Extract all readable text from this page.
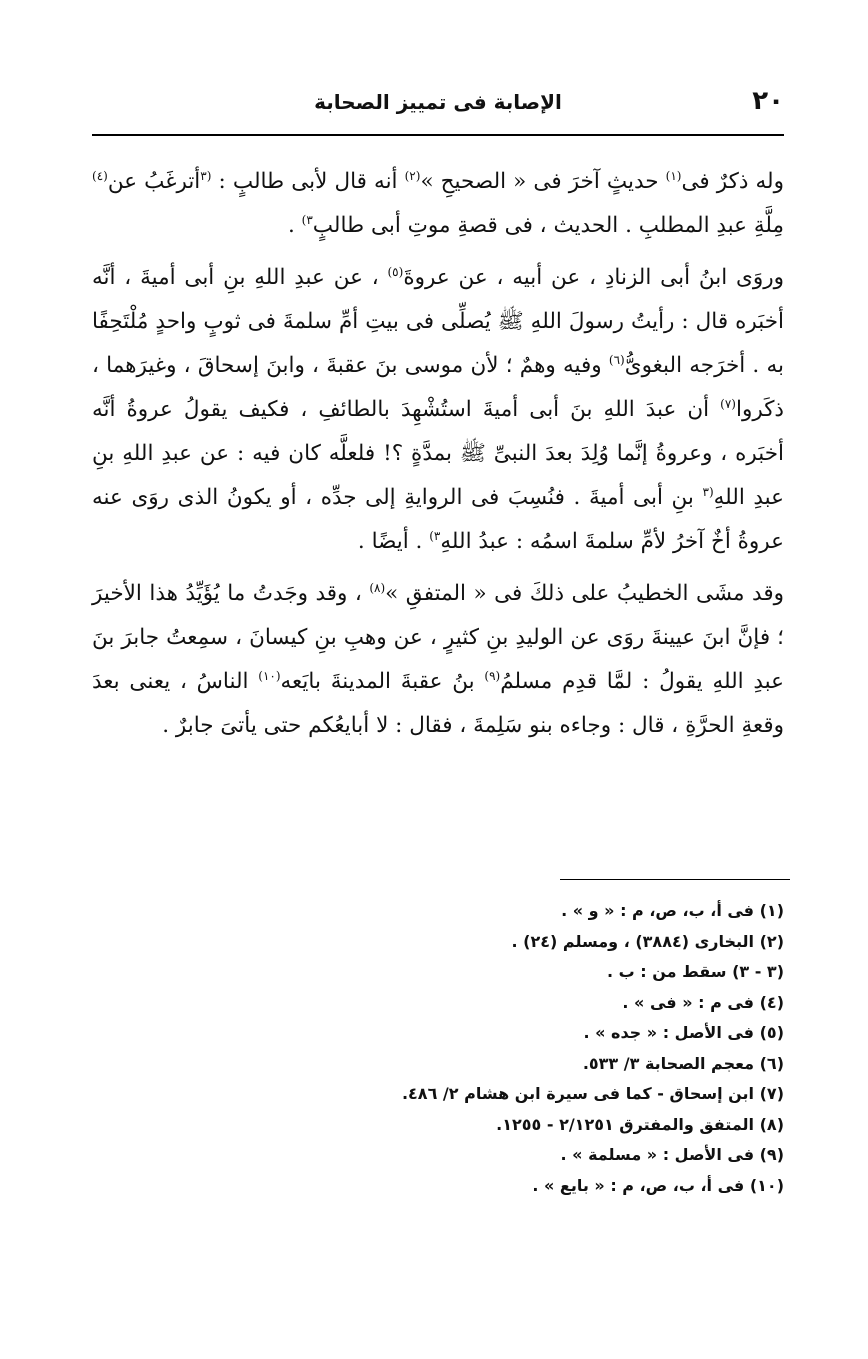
٢٠
الإصابة فى تمييز الصحابة

وله ذكرٌ فى$^{(١)}$ حديثٍ آخرَ فى « الصحيحِ »$^{(٢)}$ أنه قال لأبى طالبٍ : $^{(٣}$أترغَبُ عن$^{(٤)}$ مِلَّةِ عبدِ المطلبِ . الحديث ، فى قصةِ موتِ أبى طالبٍ$^{٣)}$ .

وروَى ابنُ أبى الزنادِ ، عن أبيه ، عن عروةَ$^{(٥)}$ ، عن عبدِ اللهِ بنِ أبى أميةَ ، أنَّه أخبَره قال : رأيتُ رسولَ اللهِ ﷺ يُصلِّى فى بيتِ أمِّ سلمةَ فى ثوبٍ واحدٍ مُلْتَحِفًا به . أخرَجه البغوىُّ$^{(٦)}$ وفيه وهمٌ ؛ لأن موسى بنَ عقبةَ ، وابنَ إسحاقَ ، وغيرَهما ، ذكَروا$^{(٧)}$ أن عبدَ اللهِ بنَ أبى أميةَ استُشْهِدَ بالطائفِ ، فكيف يقولُ عروةُ أنَّه أخبَره ، وعروةُ إنَّما وُلِدَ بعدَ النبىِّ ﷺ بمدَّةٍ ؟! فلعلَّه كان فيه : عن عبدِ اللهِ بنِ عبدِ اللهِ$^{(٣}$ بنِ أبى أميةَ . فنُسِبَ فى الروايةِ إلى جدِّه ، أو يكونُ الذى روَى عنه عروةُ أخٌ آخرُ لأمِّ سلمةَ اسمُه : عبدُ اللهِ$^{٣)}$ . أيضًا .

وقد مشَى الخطيبُ على ذلكَ فى « المتفقِ »$^{(٨)}$ ، وقد وجَدتُ ما يُؤَيِّدُ هذا الأخيرَ ؛ فإنَّ ابنَ عيينةَ روَى عن الوليدِ بنِ كثيرٍ ، عن وهبِ بنِ كيسانَ ، سمِعتُ جابرَ بنَ عبدِ اللهِ يقولُ : لمَّا قدِم مسلمُ$^{(٩)}$ بنُ عقبةَ المدينةَ بايَعه$^{(١٠)}$ الناسُ ، يعنى بعدَ وقعةِ الحرَّةِ ، قال : وجاءه بنو سَلِمةَ ، فقال : لا أبايعُكم حتى يأتىَ جابرٌ .

(١) فى أ، ب، ص، م : « و » .
(٢) البخارى (٣٨٨٤) ، ومسلم (٢٤) .
(٣ - ٣) سقط من : ب .
(٤) فى م : « فى » .
(٥) فى الأصل : « جده » .
(٦) معجم الصحابة ٣/ ٥٣٣.
(٧) ابن إسحاق - كما فى سيرة ابن هشام ٢/ ٤٨٦.
(٨) المتفق والمفترق ٢/١٢٥١ - ١٢٥٥.
(٩) فى الأصل : « مسلمة » .
(١٠) فى أ، ب، ص، م : « بايع » .
